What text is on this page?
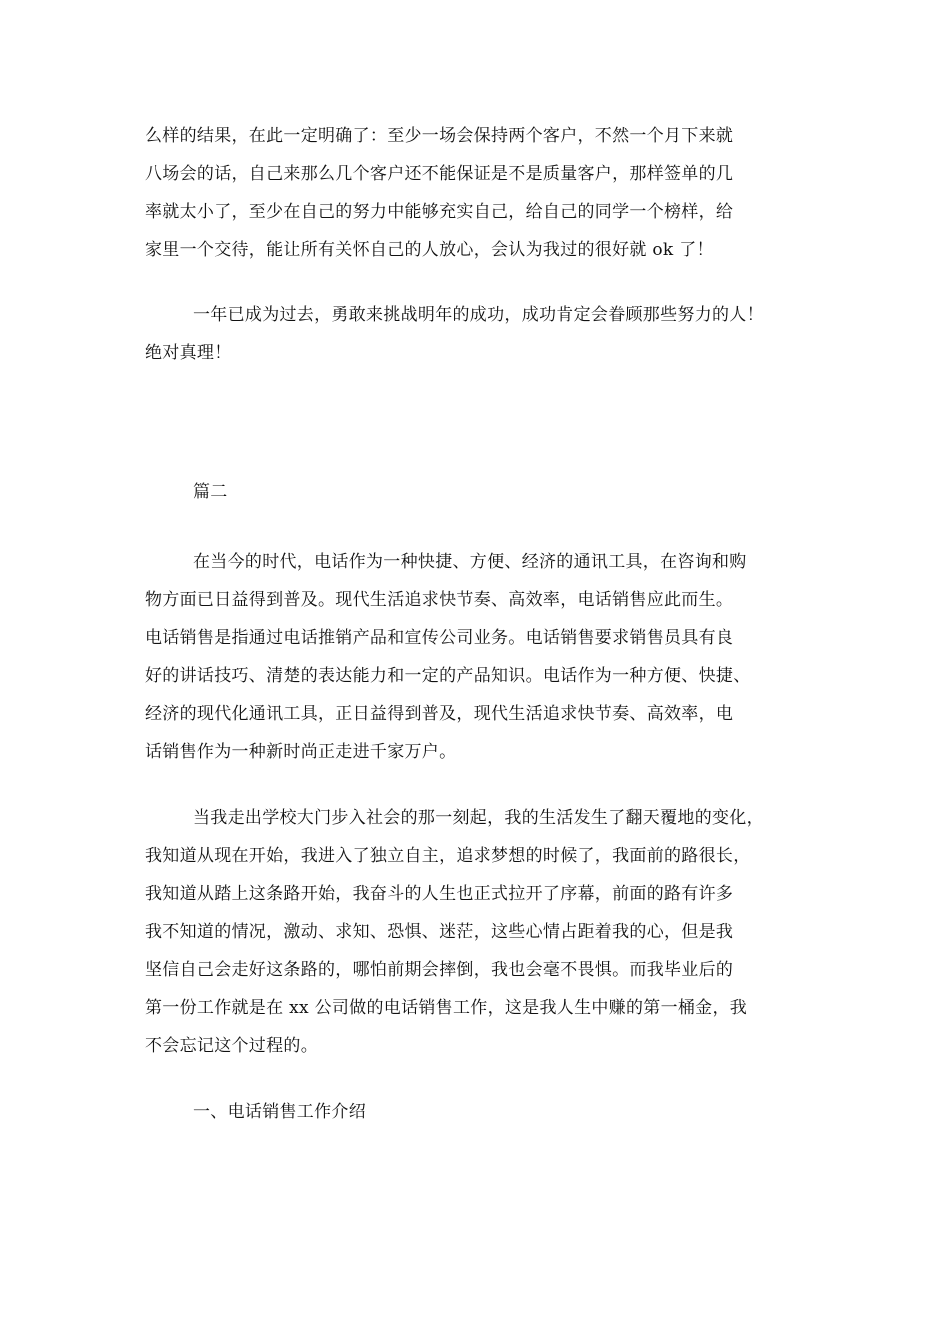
么样的结果，在此一定明确了：至少一场会保持两个客户，不然一个月下来就
八场会的话，自己来那么几个客户还不能保证是不是质量客户，那样签单的几
率就太小了，至少在自己的努力中能够充实自己，给自己的同学一个榜样，给
家里一个交待，能让所有关怀自己的人放心，会认为我过的很好就 ok 了！
一年已成为过去，勇敢来挑战明年的成功，成功肯定会眷顾那些努力的人！
绝对真理！
篇二
在当今的时代，电话作为一种快捷、方便、经济的通讯工具，在咨询和购
物方面已日益得到普及。现代生活追求快节奏、高效率，电话销售应此而生。
电话销售是指通过电话推销产品和宣传公司业务。电话销售要求销售员具有良
好的讲话技巧、清楚的表达能力和一定的产品知识。电话作为一种方便、快捷、
经济的现代化通讯工具，正日益得到普及，现代生活追求快节奏、高效率，电
话销售作为一种新时尚正走进千家万户。
当我走出学校大门步入社会的那一刻起，我的生活发生了翻天覆地的变化，
我知道从现在开始，我进入了独立自主，追求梦想的时候了，我面前的路很长，
我知道从踏上这条路开始，我奋斗的人生也正式拉开了序幕，前面的路有许多
我不知道的情况，激动、求知、恐惧、迷茫，这些心情占距着我的心，但是我
坚信自己会走好这条路的，哪怕前期会摔倒，我也会毫不畏惧。而我毕业后的
第一份工作就是在 xx 公司做的电话销售工作，这是我人生中赚的第一桶金，我
不会忘记这个过程的。
一、电话销售工作介绍
